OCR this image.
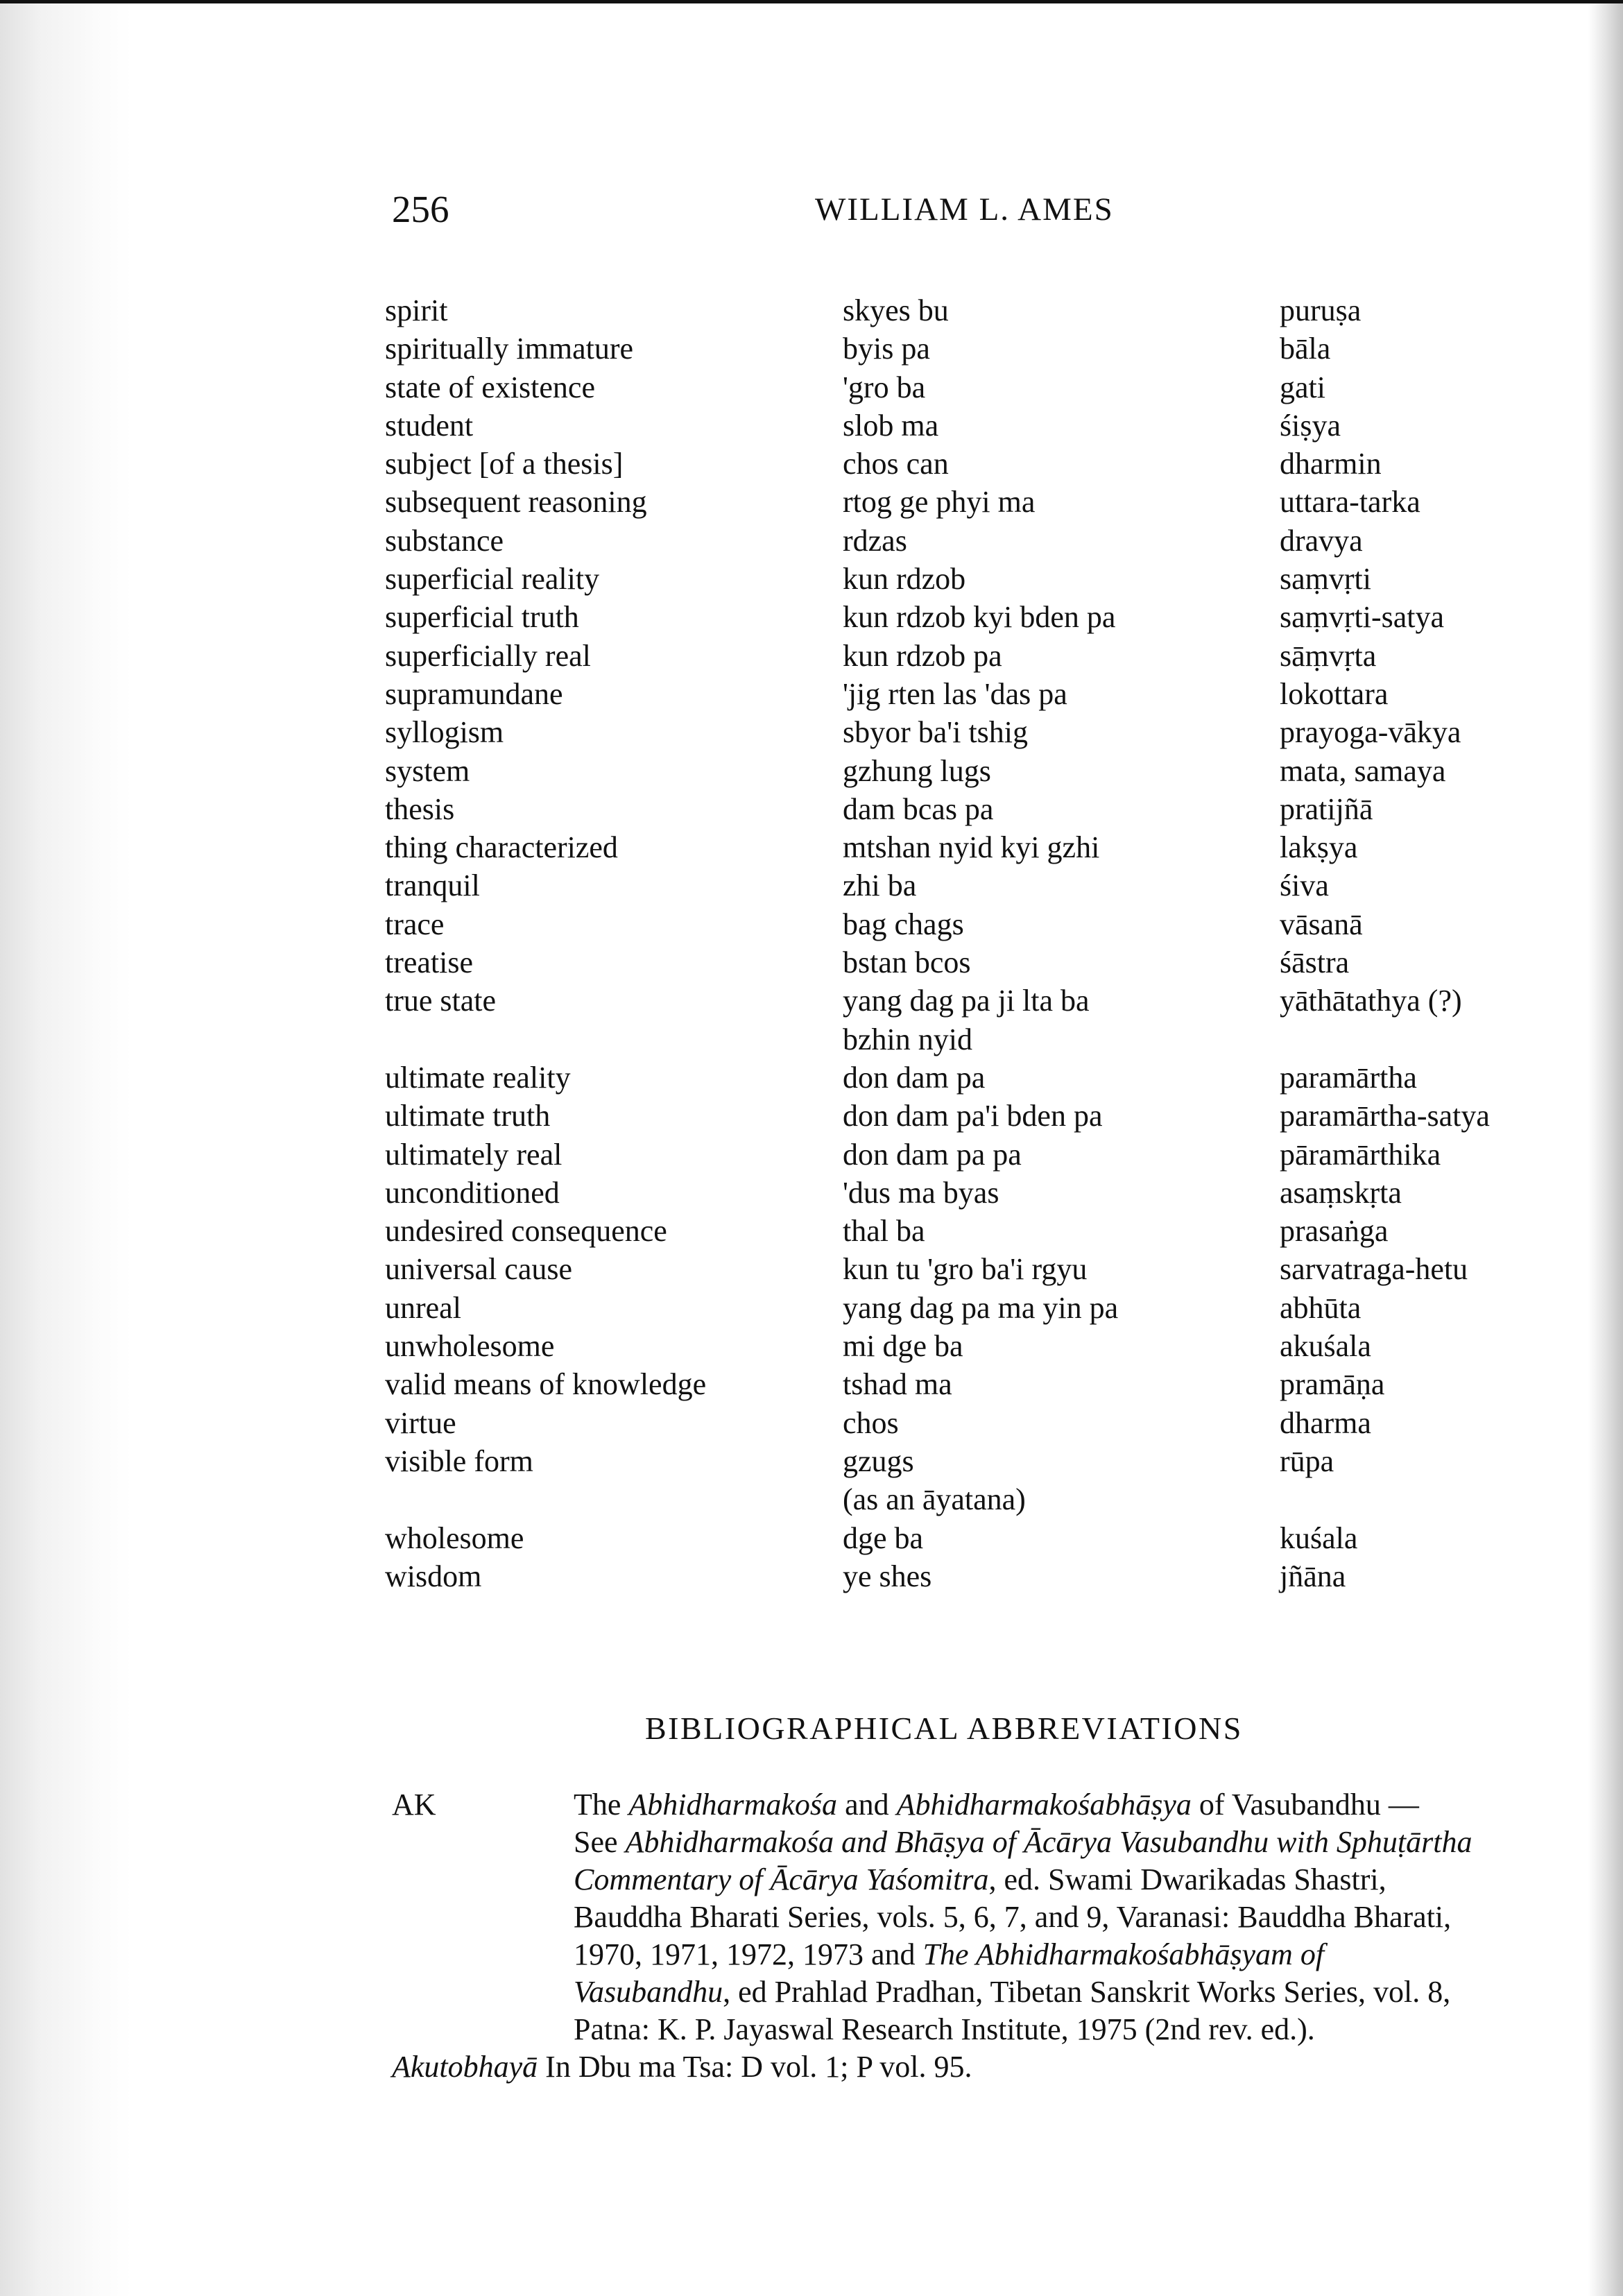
256	WILLIAM L. AMES
spirit	skyes bu	puruṣa
spiritually immature	byis pa	bāla
state of existence	'gro ba	gati
student	slob ma	śiṣya
subject [of a thesis]	chos can	dharmin
subsequent reasoning	rtog ge phyi ma	uttara-tarka
substance	rdzas	dravya
superficial reality	kun rdzob	saṃvṛti
superficial truth	kun rdzob kyi bden pa	saṃvṛti-satya
superficially real	kun rdzob pa	sāṃvṛta
supramundane	'jig rten las 'das pa	lokottara
syllogism	sbyor ba'i tshig	prayoga-vākya
system	gzhung lugs	mata, samaya
thesis	dam bcas pa	pratijñā
thing characterized	mtshan nyid kyi gzhi	lakṣya
tranquil	zhi ba	śiva
trace	bag chags	vāsanā
treatise	bstan bcos	śāstra
true state	yang dag pa ji lta ba	yāthātathya (?)
bzhin nyid
ultimate reality	don dam pa	paramārtha
ultimate truth	don dam pa'i bden pa	paramārtha-satya
ultimately real	don dam pa pa	pāramārthika
unconditioned	'dus ma byas	asaṃskṛta
undesired consequence	thal ba	prasaṅga
universal cause	kun tu 'gro ba'i rgyu	sarvatraga-hetu
unreal	yang dag pa ma yin pa	abhūta
unwholesome	mi dge ba	akuśala
valid means of knowledge	tshad ma	pramāṇa
virtue	chos	dharma
visible form	gzugs	rūpa
(as an āyatana)
wholesome	dge ba	kuśala
wisdom	ye shes	jñāna
BIBLIOGRAPHICAL ABBREVIATIONS
AK	The Abhidharmakośa and Abhidharmakośabhāṣya of Vasubandhu —

See Abhidharmakośa and Bhāṣya of Ācārya Vasubandhu with Sphuṭārtha

Commentary of Ācārya Yaśomitra, ed. Swami Dwarikadas Shastri,

Bauddha Bharati Series, vols. 5, 6, 7, and 9, Varanasi: Bauddha Bharati,

1970, 1971, 1972, 1973 and The Abhidharmakośabhāṣyam of

Vasubandhu, ed Prahlad Pradhan, Tibetan Sanskrit Works Series, vol. 8,

Patna: K. P. Jayaswal Research Institute, 1975 (2nd rev. ed.).

Akutobhayā In Dbu ma Tsa: D vol. 1; P vol. 95.
